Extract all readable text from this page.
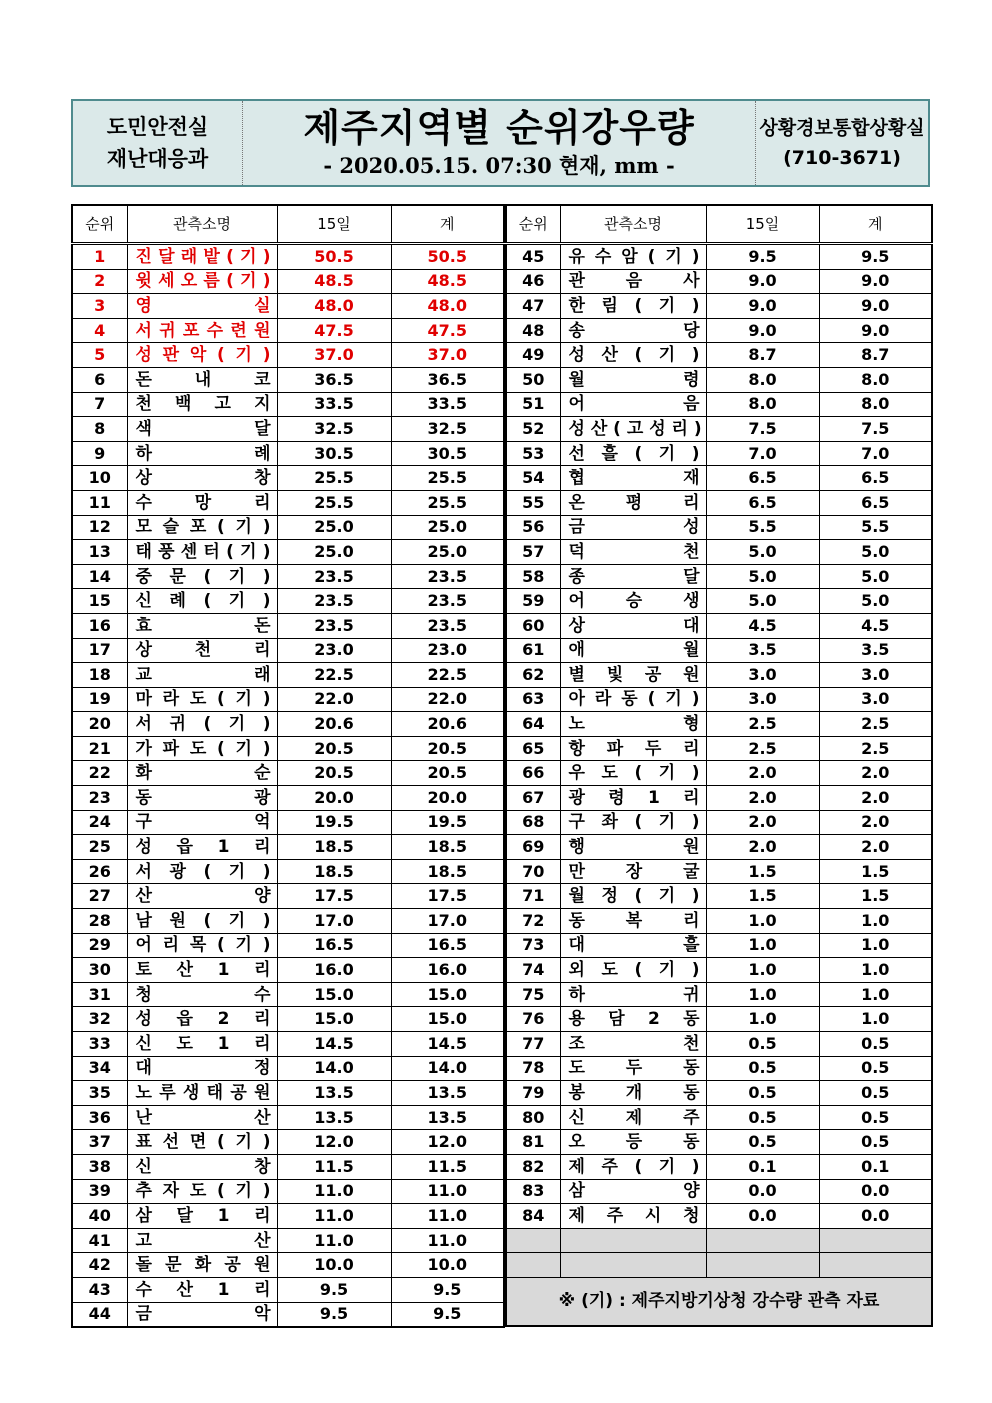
도민안전실
재난대응과
제주지역별 순위강우량
- 2020.05.15. 07:30 현재, mm -
상황경보통합상황실
(710-3671)
순위	관측소명	15일	계
1	진 달 래 밭 ( 기 )	50.5	50.5
2	윗 세 오 름 ( 기 )	48.5	48.5
3	영 실	48.0	48.0
4	서 귀 포 수 련 원	47.5	47.5
5	성 판 악 ( 기 )	37.0	37.0
6	돈 내 코	36.5	36.5
7	천 백 고 지	33.5	33.5
8	색 달	32.5	32.5
9	하 례	30.5	30.5
10	상 창	25.5	25.5
11	수 망 리	25.5	25.5
12	모 슬 포 ( 기 )	25.0	25.0
13	태 풍 센 터 ( 기 )	25.0	25.0
14	중 문 ( 기 )	23.5	23.5
15	신 례 ( 기 )	23.5	23.5
16	효 돈	23.5	23.5
17	상 천 리	23.0	23.0
18	교 래	22.5	22.5
19	마 라 도 ( 기 )	22.0	22.0
20	서 귀 ( 기 )	20.6	20.6
21	가 파 도 ( 기 )	20.5	20.5
22	화 순	20.5	20.5
23	동 광	20.0	20.0
24	구 억	19.5	19.5
25	성 읍 1 리	18.5	18.5
26	서 광 ( 기 )	18.5	18.5
27	산 양	17.5	17.5
28	남 원 ( 기 )	17.0	17.0
29	어 리 목 ( 기 )	16.5	16.5
30	토 산 1 리	16.0	16.0
31	청 수	15.0	15.0
32	성 읍 2 리	15.0	15.0
33	신 도 1 리	14.5	14.5
34	대 정	14.0	14.0
35	노 루 생 태 공 원	13.5	13.5
36	난 산	13.5	13.5
37	표 선 면 ( 기 )	12.0	12.0
38	신 창	11.5	11.5
39	추 자 도 ( 기 )	11.0	11.0
40	삼 달 1 리	11.0	11.0
41	고 산	11.0	11.0
42	돌 문 화 공 원	10.0	10.0
43	수 산 1 리	9.5	9.5
44	금 악	9.5	9.5
순위	관측소명	15일	계
45	유 수 암 ( 기 )	9.5	9.5
46	관 음 사	9.0	9.0
47	한 림 ( 기 )	9.0	9.0
48	송 당	9.0	9.0
49	성 산 ( 기 )	8.7	8.7
50	월 령	8.0	8.0
51	어 음	8.0	8.0
52	성 산 ( 고 성 리 )	7.5	7.5
53	선 흘 ( 기 )	7.0	7.0
54	협 재	6.5	6.5
55	온 평 리	6.5	6.5
56	금 성	5.5	5.5
57	덕 천	5.0	5.0
58	종 달	5.0	5.0
59	어 승 생	5.0	5.0
60	상 대	4.5	4.5
61	애 월	3.5	3.5
62	별 빛 공 원	3.0	3.0
63	아 라 동 ( 기 )	3.0	3.0
64	노 형	2.5	2.5
65	항 파 두 리	2.5	2.5
66	우 도 ( 기 )	2.0	2.0
67	광 령 1 리	2.0	2.0
68	구 좌 ( 기 )	2.0	2.0
69	행 원	2.0	2.0
70	만 장 굴	1.5	1.5
71	월 정 ( 기 )	1.5	1.5
72	동 복 리	1.0	1.0
73	대 흘	1.0	1.0
74	외 도 ( 기 )	1.0	1.0
75	하 귀	1.0	1.0
76	용 담 2 동	1.0	1.0
77	조 천	0.5	0.5
78	도 두 동	0.5	0.5
79	봉 개 동	0.5	0.5
80	신 제 주	0.5	0.5
81	오 등 동	0.5	0.5
82	제 주 ( 기 )	0.1	0.1
83	삼 양	0.0	0.0
84	제 주 시 청	0.0	0.0

※ (기) : 제주지방기상청 강수량 관측 자료			
